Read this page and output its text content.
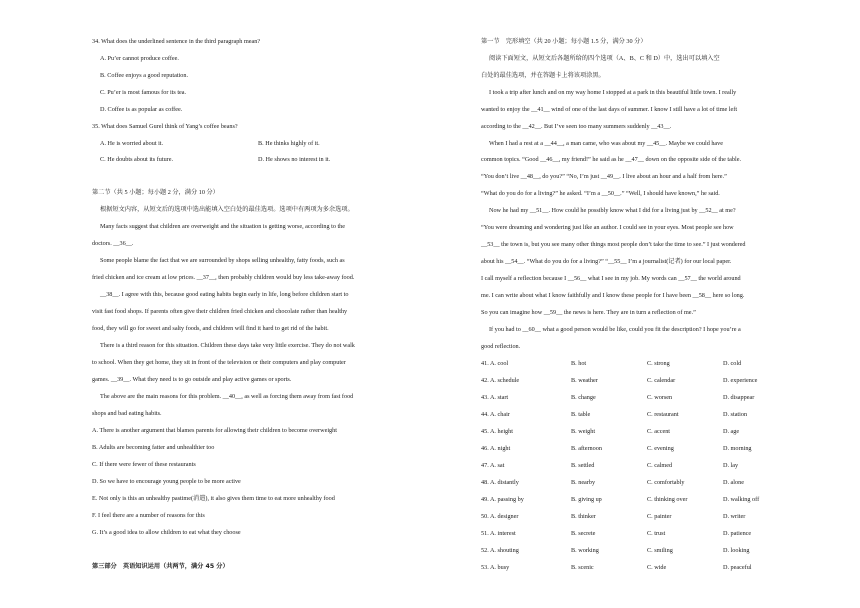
34. What does the underlined sentence in the third paragraph mean?
A. Pu’er cannot produce coffee.
B. Coffee enjoys a good reputation.
C. Pu’er is most famous for its tea.
D. Coffee is as popular as coffee.
35. What does Samuel Gurel think of Yang’s coffee beans?
A. He is worried about it.	B. He thinks highly of it.
C. He doubts about its future.	D. He shows no interest in it.
第二节（共 5 小题；每小题 2 分，满分 10 分）
根据短文内容，从短文后的选项中选出能填入空白处的最佳选项。选项中有两项为多余选项。
Many facts suggest that children are overweight and the situation is getting worse, according to the
doctors. __36__.
Some people blame the fact that we are surrounded by shops selling unhealthy, fatty foods, such as
fried chicken and ice cream at low prices. __37__, then probably children would buy less take-away food.
__38__. I agree with this, because good eating habits begin early in life, long before children start to
visit fast food shops. If parents often give their children fried chicken and chocolate rather than healthy
food, they will go for sweet and salty foods, and children will find it hard to get rid of the habit.
There is a third reason for this situation. Children these days take very little exercise. They do not walk
to school. When they get home, they sit in front of the television or their computers and play computer
games. __39__. What they need is to go outside and play active games or sports.
The above are the main reasons for this problem. __40__, as well as forcing them away from fast food
shops and bad eating habits.
A. There is another argument that blames parents for allowing their children to become overweight
B. Adults are becoming fatter and unhealthier too
C. If there were fewer of these restaurants
D. So we have to encourage young people to be more active
E. Not only is this an unhealthy pastime(消遣), it also gives them time to eat more unhealthy food
F. I feel there are a number of reasons for this
G. It’s a good idea to allow children to eat what they choose
第三部分　英语知识运用（共两节，满分 45 分）
第一节　完形填空（共 20 小题；每小题 1.5 分，满分 30 分）
阅读下面短文，从短文后各题所给的四个选项（A、B、C 和 D）中，选出可以填入空
白处的最佳选项，并在答题卡上将该项涂黑。
I took a trip after lunch and on my way home I stopped at a park in this beautiful little town. I really
wanted to enjoy the __41__ wind of one of the last days of summer. I know I still have a lot of time left
according to the __42__. But I’ve seen too many summers suddenly __43__.
When I had a rest at a __44__, a man came, who was about my __45__. Maybe we could have
common topics. “Good __46__, my friend!” he said as he __47__ down on the opposite side of the table.
“You don’t live __48__, do you?” “No, I’m just __49__. I live about an hour and a half from here.”
“What do you do for a living?” he asked. “I’m a __50__.” “Well, I should have known,” he said.
Now he had my __51__. How could he possibly know what I did for a living just by __52__ at me?
“You were dreaming and wondering just like an author. I could see in your eyes. Most people see how
__53__ the town is, but you see many other things most people don’t take the time to see.” I just wondered
about his __54__. “What do you do for a living?” “__55__ I’m a journalist(记者) for our local paper.
I call myself a reflection because I __56__ what I see in my job. My words can __57__ the world around
me. I can write about what I know faithfully and I know these people for I have been __58__ here so long.
So you can imagine how __59__ the news is here. They are in turn a reflection of me.”
If you had to __60__ what a good person would be like, could you fit the description? I hope you’re a
good reflection.
41. A. cool	B. hot	C. strong	D. cold
42. A. schedule	B. weather	C. calendar	D. experience
43. A. start	B. change	C. worsen	D. disappear
44. A. chair	B. table	C. restaurant	D. station
45. A. height	B. weight	C. accent	D. age
46. A. night	B. afternoon	C. evening	D. morning
47. A. sat	B. settled	C. calmed	D. lay
48. A. distantly	B. nearby	C. comfortably	D. alone
49. A. passing by	B. giving up	C. thinking over	D. walking off
50. A. designer	B. thinker	C. painter	D. writer
51. A. interest	B. secrete	C. trust	D. patience
52. A. shouting	B. working	C. smiling	D. looking
53. A. busy	B. scenic	C. wide	D. peaceful
